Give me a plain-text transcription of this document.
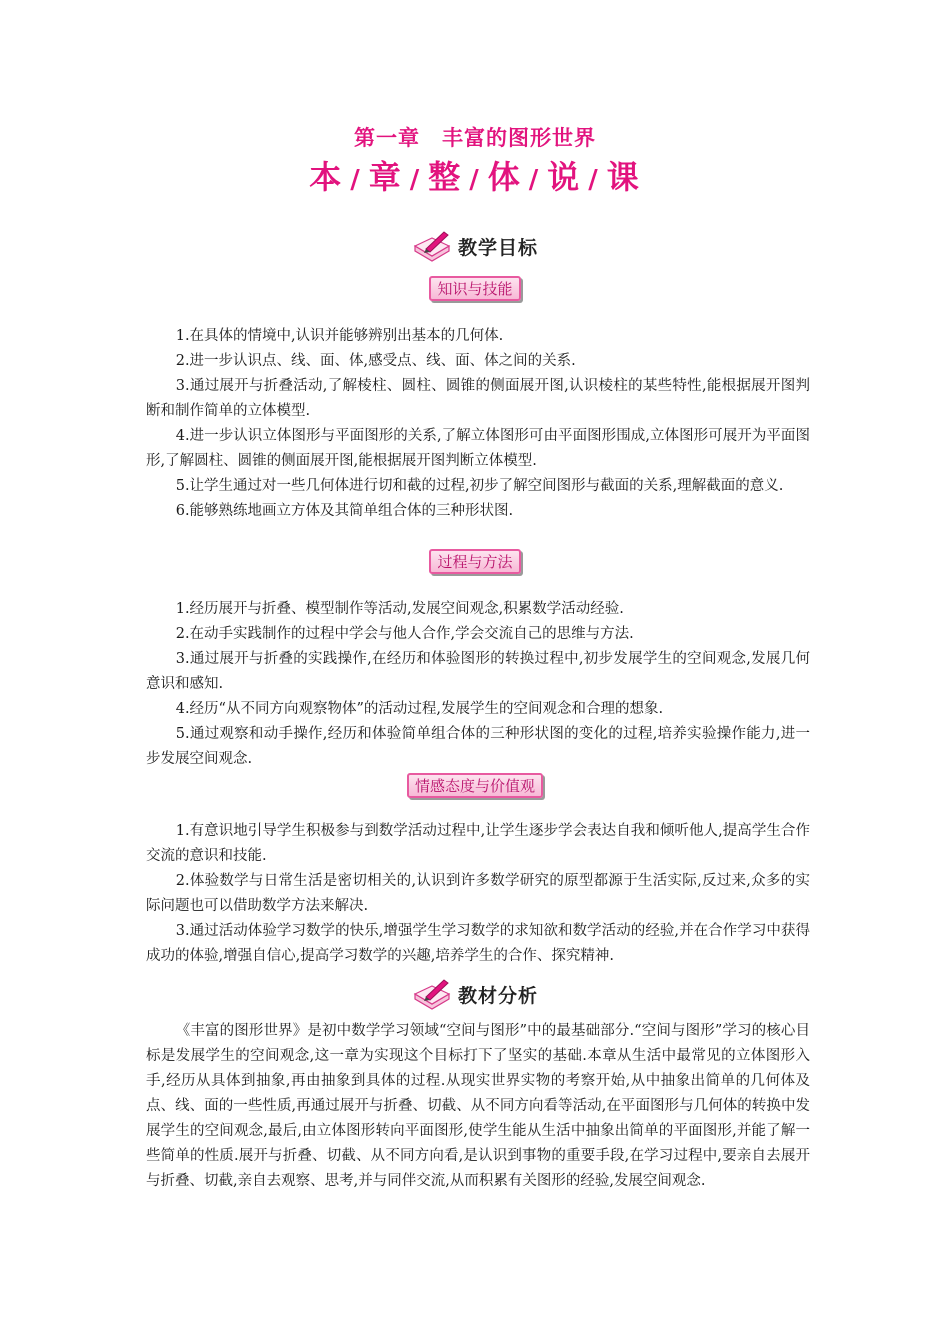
第一章 丰富的图形世界
本 / 章 / 整 / 体 / 说 / 课
教学目标
知识与技能

1.在具体的情境中,认识并能够辨别出基本的几何体.

2.进一步认识点、线、面、体,感受点、线、面、体之间的关系.

3.通过展开与折叠活动,了解棱柱、圆柱、圆锥的侧面展开图,认识棱柱的某些特性,能根据展开图判断和制作简单的立体模型.

4.进一步认识立体图形与平面图形的关系,了解立体图形可由平面图形围成,立体图形可展开为平面图形,了解圆柱、圆锥的侧面展开图,能根据展开图判断立体模型.

5.让学生通过对一些几何体进行切和截的过程,初步了解空间图形与截面的关系,理解截面的意义.

6.能够熟练地画立方体及其简单组合体的三种形状图.

过程与方法

1.经历展开与折叠、模型制作等活动,发展空间观念,积累数学活动经验.

2.在动手实践制作的过程中学会与他人合作,学会交流自己的思维与方法.

3.通过展开与折叠的实践操作,在经历和体验图形的转换过程中,初步发展学生的空间观念,发展几何意识和感知.

4.经历“从不同方向观察物体”的活动过程,发展学生的空间观念和合理的想象.

5.通过观察和动手操作,经历和体验简单组合体的三种形状图的变化的过程,培养实验操作能力,进一步发展空间观念.

情感态度与价值观

1.有意识地引导学生积极参与到数学活动过程中,让学生逐步学会表达自我和倾听他人,提高学生合作交流的意识和技能.

2.体验数学与日常生活是密切相关的,认识到许多数学研究的原型都源于生活实际,反过来,众多的实际问题也可以借助数学方法来解决.

3.通过活动体验学习数学的快乐,增强学生学习数学的求知欲和数学活动的经验,并在合作学习中获得成功的体验,增强自信心,提高学习数学的兴趣,培养学生的合作、探究精神.

教材分析

《丰富的图形世界》是初中数学学习领域“空间与图形”中的最基础部分.“空间与图形”学习的核心目标是发展学生的空间观念,这一章为实现这个目标打下了坚实的基础.本章从生活中最常见的立体图形入手,经历从具体到抽象,再由抽象到具体的过程.从现实世界实物的考察开始,从中抽象出简单的几何体及点、线、面的一些性质,再通过展开与折叠、切截、从不同方向看等活动,在平面图形与几何体的转换中发展学生的空间观念,最后,由立体图形转向平面图形,使学生能从生活中抽象出简单的平面图形,并能了解一些简单的性质.展开与折叠、切截、从不同方向看,是认识到事物的重要手段,在学习过程中,要亲自去展开与折叠、切截,亲自去观察、思考,并与同伴交流,从而积累有关图形的经验,发展空间观念.
